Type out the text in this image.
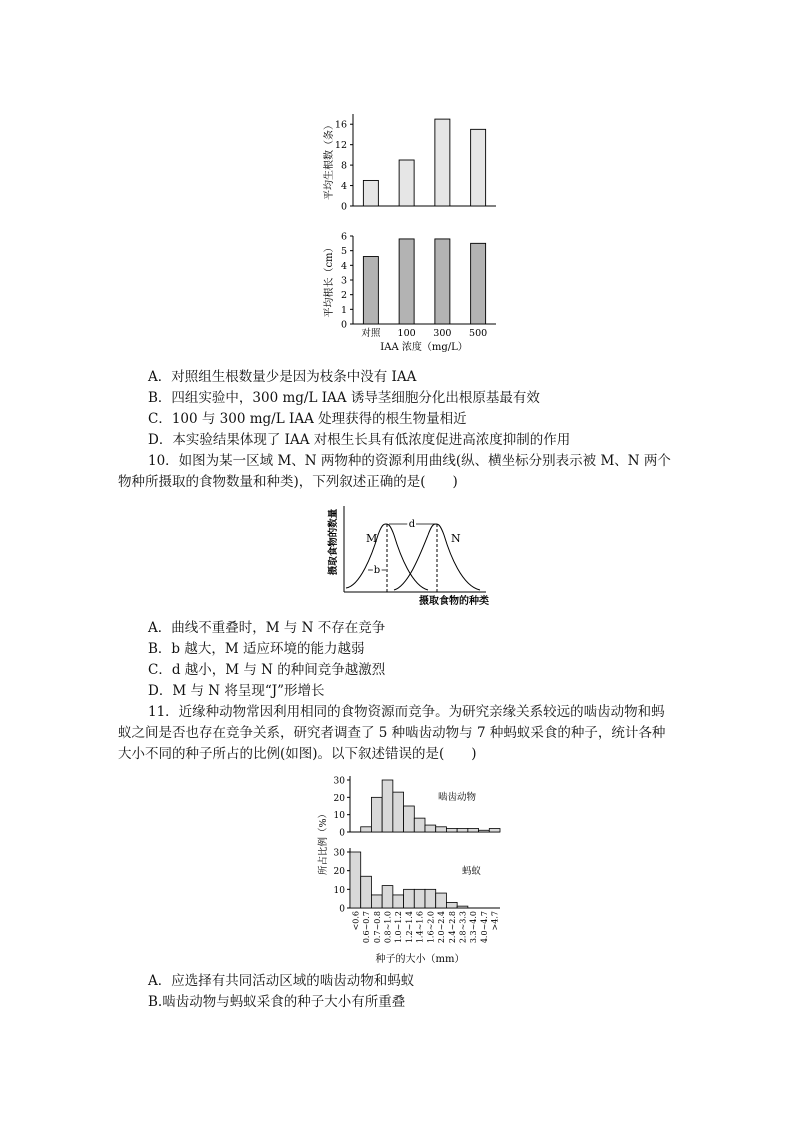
0
4
8
12
16
平均生根数（条）
0
1
2
3
4
5
6
平均根长（cm）
对照 100 300 500
IAA 浓度（mg/L）
A．对照组生根数量少是因为枝条中没有 IAA
B．四组实验中，300 mg/L IAA 诱导茎细胞分化出根原基最有效
C．100 与 300 mg/L IAA 处理获得的根生物量相近
D．本实验结果体现了 IAA 对根生长具有低浓度促进高浓度抑制的作用
10．如图为某一区域 M、N 两物种的资源利用曲线(纵、横坐标分别表示被 M、N 两个
物种所摄取的食物数量和种类)，下列叙述正确的是(　　)
d
M	N
b
摄取食物的数量
摄取食物的种类
A．曲线不重叠时，M 与 N 不存在竞争
B．b 越大，M 适应环境的能力越弱
C．d 越小，M 与 N 的种间竞争越激烈
D．M 与 N 将呈现“J”形增长
11．近缘种动物常因利用相同的食物资源而竞争。为研究亲缘关系较远的啮齿动物和蚂
蚁之间是否也存在竞争关系，研究者调查了 5 种啮齿动物与 7 种蚂蚁采食的种子，统计各种
大小不同的种子所占的比例(如图)。以下叙述错误的是(　　)
0
10
20
30
0
10
20
30
所占比例（%）
啮齿动物
蚂蚁
<0.6 0.6~0.7 0.7~0.8 0.8~1.0 1.0~1.2 1.2~1.4 1.4~1.6 1.6~2.0 2.0~2.4 2.4~2.8 2.8~3.3 3.3~4.0 4.0~4.7 >4.7
种子的大小（mm）
A．应选择有共同活动区域的啮齿动物和蚂蚁
B.啮齿动物与蚂蚁采食的种子大小有所重叠
